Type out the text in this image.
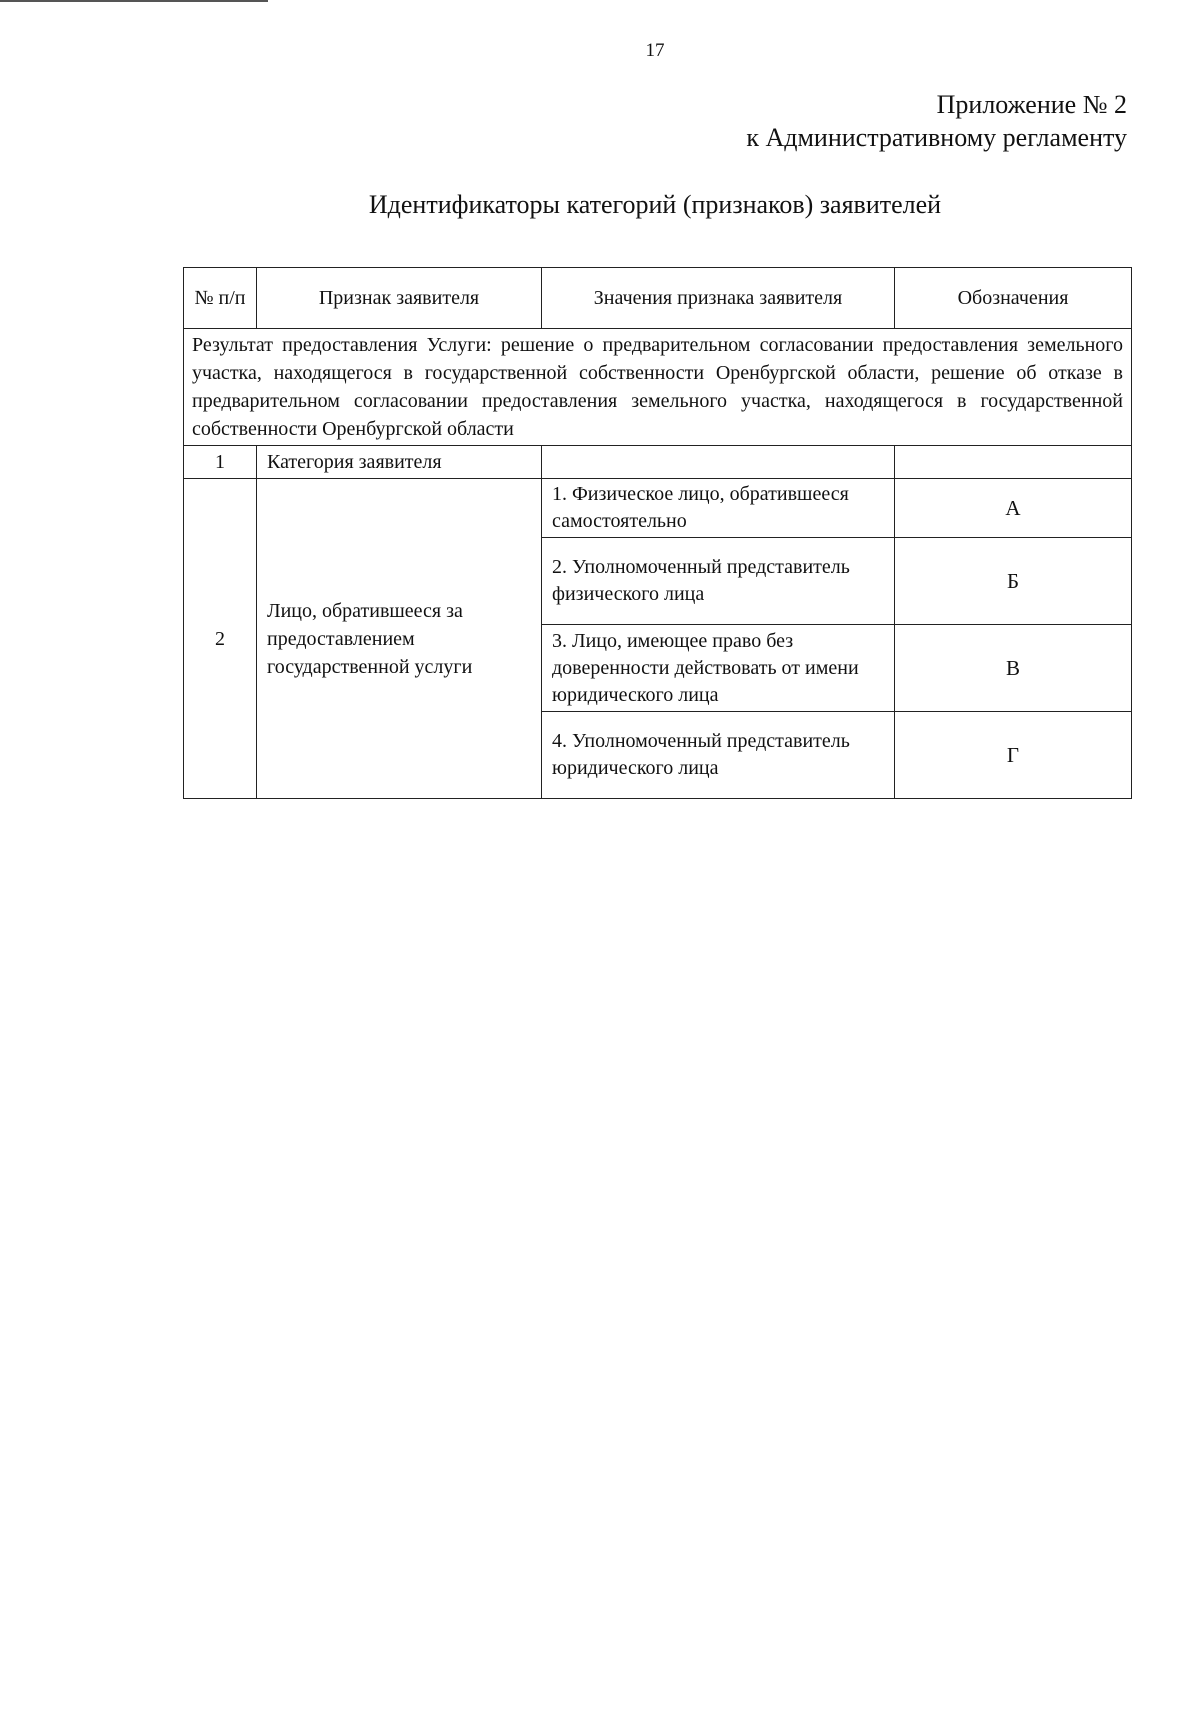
17
Приложение № 2
к Административному регламенту
Идентификаторы категорий (признаков) заявителей
№ п/п	Признак заявителя	Значения признака заявителя	Обозначения
Результат предоставления Услуги: решение о предварительном согласовании предоставления земельного участка, находящегося в государственной собственности Оренбургской области, решение об отказе в предварительном согласовании предоставления земельного участка, находящегося в государственной собственности Оренбургской области			
1	Категория заявителя		
2	Лицо, обратившееся за предоставлением государственной услуги	1. Физическое лицо, обратившееся самостоятельно	А
		2. Уполномоченный представитель физического лица	Б
		3. Лицо, имеющее право без доверенности действовать от имени юридического лица	В
		4. Уполномоченный представитель юридического лица	Г
